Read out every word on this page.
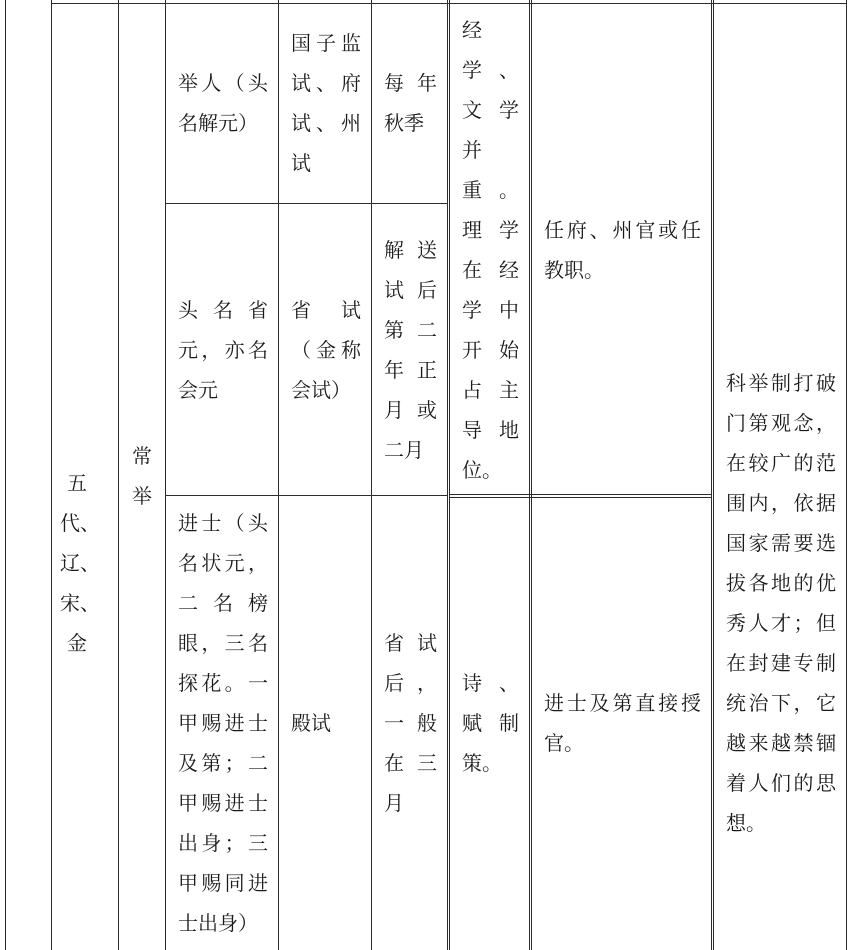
五代、辽、宋、金
常举
举人（头名解元）
国子监试、府试、州试
每年秋季
头名省元，亦名会元
省试（金称会试）
解送试后第二年正月或二月
经学、文学并重。理学在经学中开始占主导地位。
任府、州官或任教职。
进士（头名状元，二名榜眼，三名探花。一甲赐进士及第；二甲赐进士出身；三甲赐同进士出身）
殿试
省试后，一般在三月
诗、赋制策。
进士及第直接授官。
科举制打破门第观念，在较广的范围内，依据国家需要选拔各地的优秀人才；但在封建专制统治下，它越来越禁锢着人们的思想。
